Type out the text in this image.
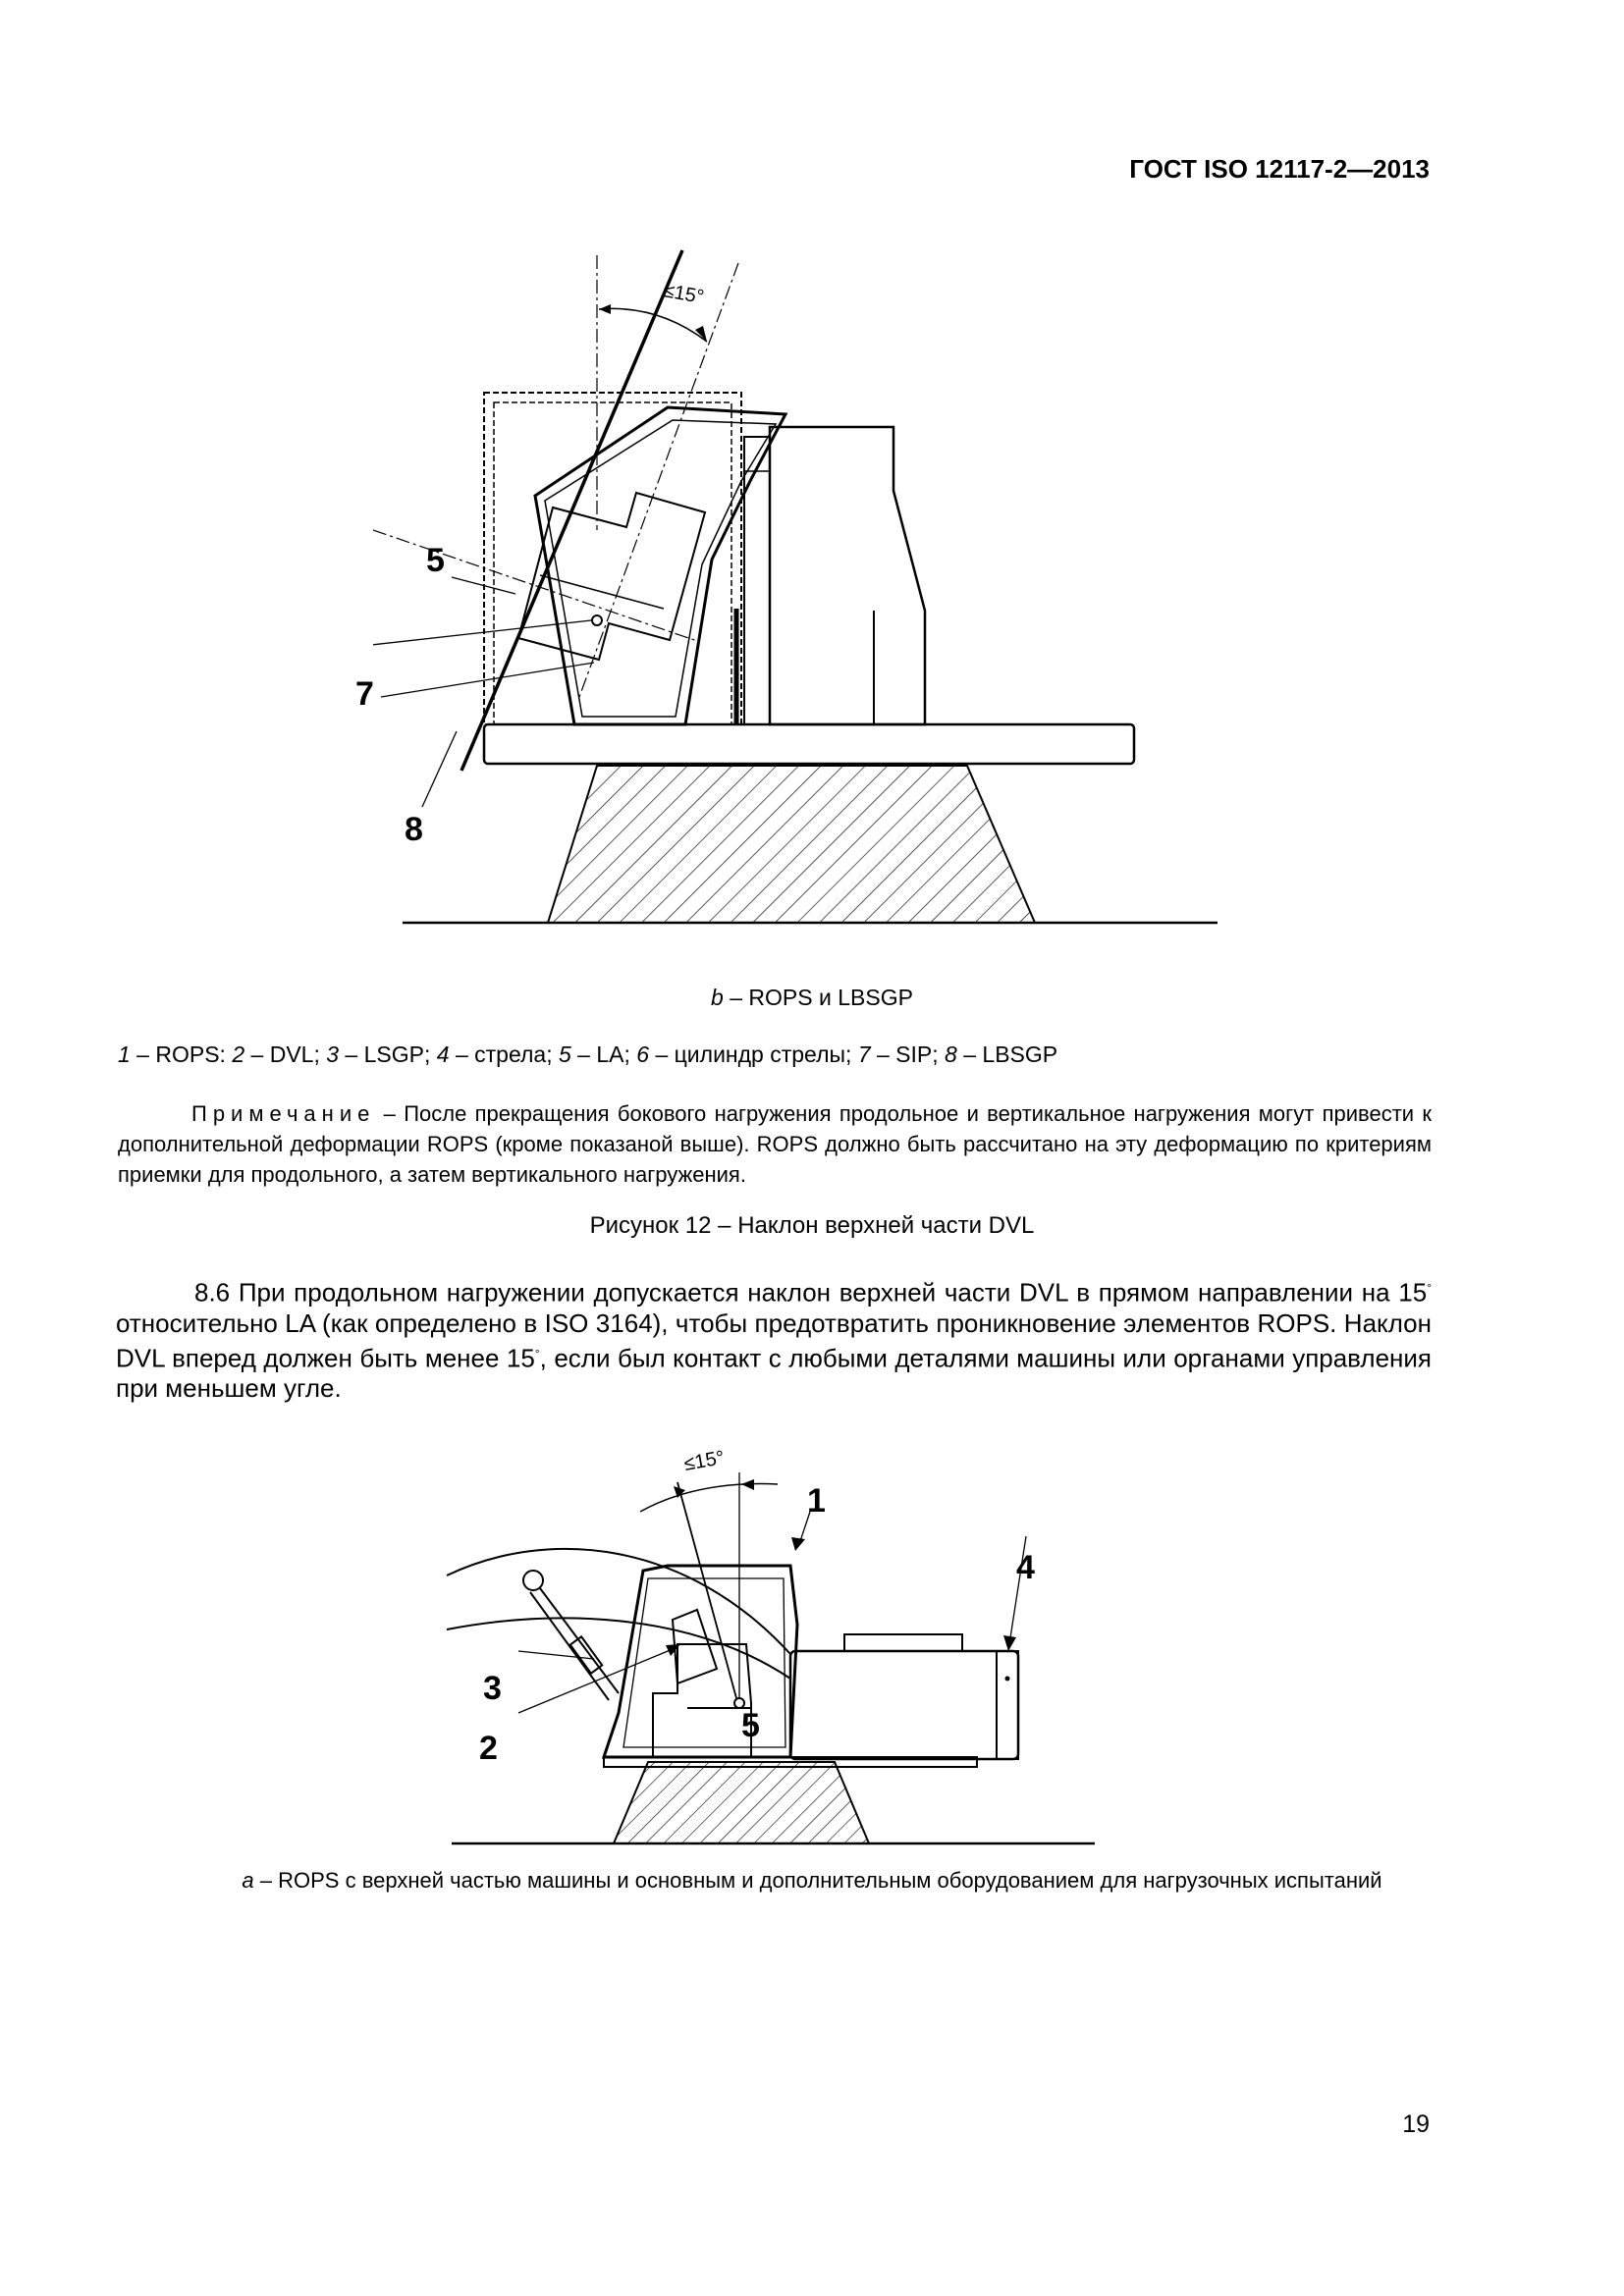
ГОСТ ISO 12117-2—2013
≤15°
5
7
8
b – ROPS и LBSGP
1 – ROPS: 2 – DVL; 3 – LSGP; 4 – стрела; 5 – LA; 6 – цилиндр стрелы; 7 – SIP; 8 – LBSGP
Примечание – После прекращения бокового нагружения продольное и вертикальное нагружения могут привести к дополнительной деформации ROPS (кроме показаной выше). ROPS должно быть рассчитано на эту деформацию по критериям приемки для продольного, а затем вертикального нагружения.
Рисунок 12 – Наклон верхней части DVL
8.6 При продольном нагружении допускается наклон верхней части DVL в прямом направлении на 15° относительно LA (как определено в ISO 3164), чтобы предотвратить проникновение элементов ROPS. Наклон DVL вперед должен быть менее 15°, если был контакт с любыми деталями машины или органами управления при меньшем угле.
≤15°
1
4
3
2
5
a – ROPS с верхней частью машины и основным и дополнительным оборудованием для нагрузочных испытаний
19
